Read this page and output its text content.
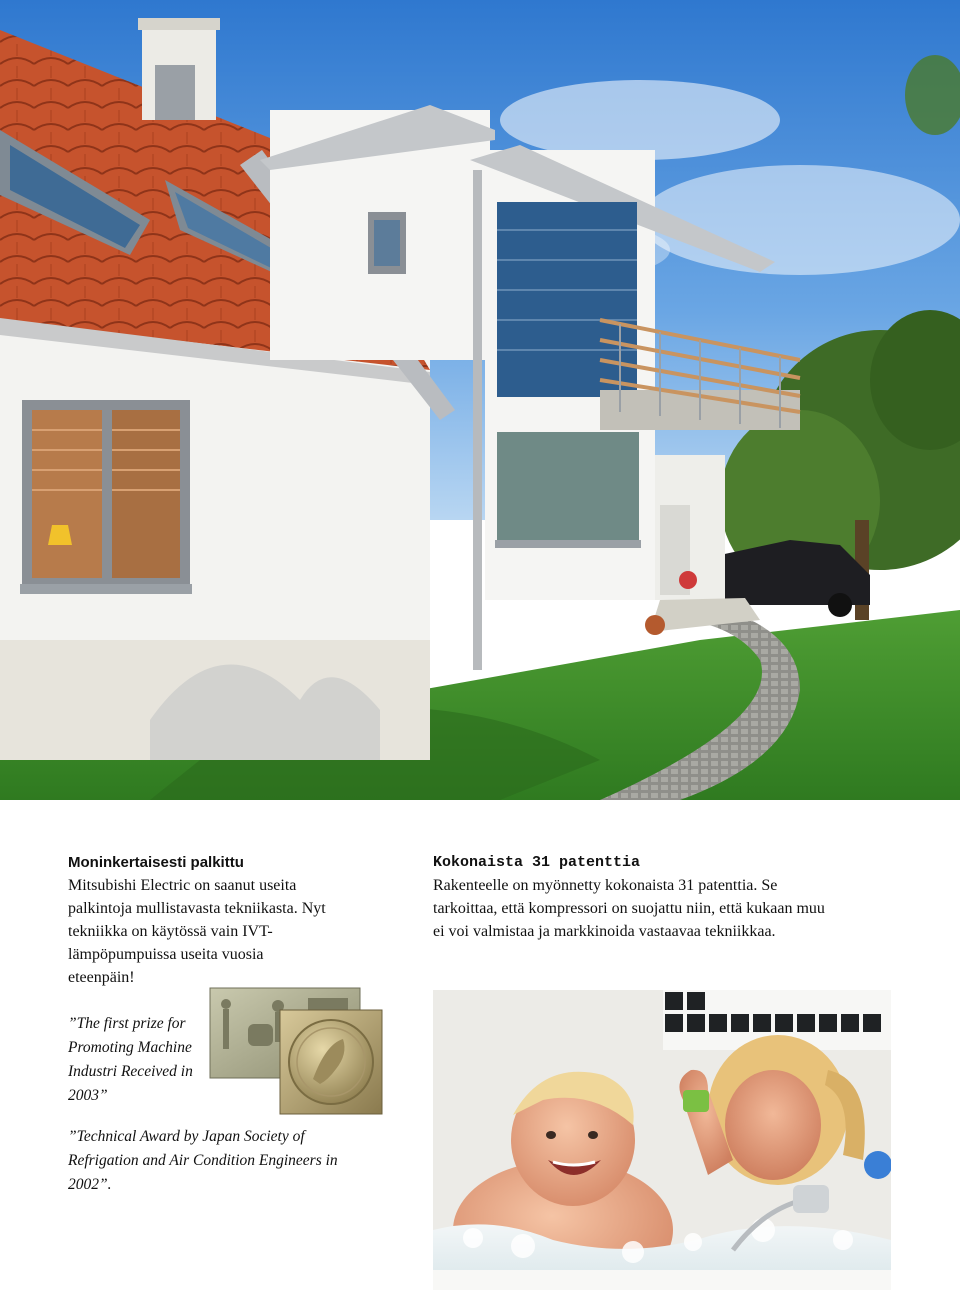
Moninkertaisesti palkittu

Mitsubishi Electric on saanut useita palkintoja mullistavasta tekniikasta. Nyt tekniikka on käytössä vain IVT-lämpöpumpuissa useita vuosia eteenpäin!

Kokonaista 31 patenttia

Rakenteelle on myönnetty kokonaista 31 patenttia. Se tarkoittaa, että kompressori on suojattu niin, että kukaan muu ei voi valmistaa ja markkinoida vastaavaa tekniikkaa.

”The first prize for Promoting Machine Industri Received in 2003”

”Technical Award by Japan Society of Refrigation and Air Condition Engineers in 2002”.
